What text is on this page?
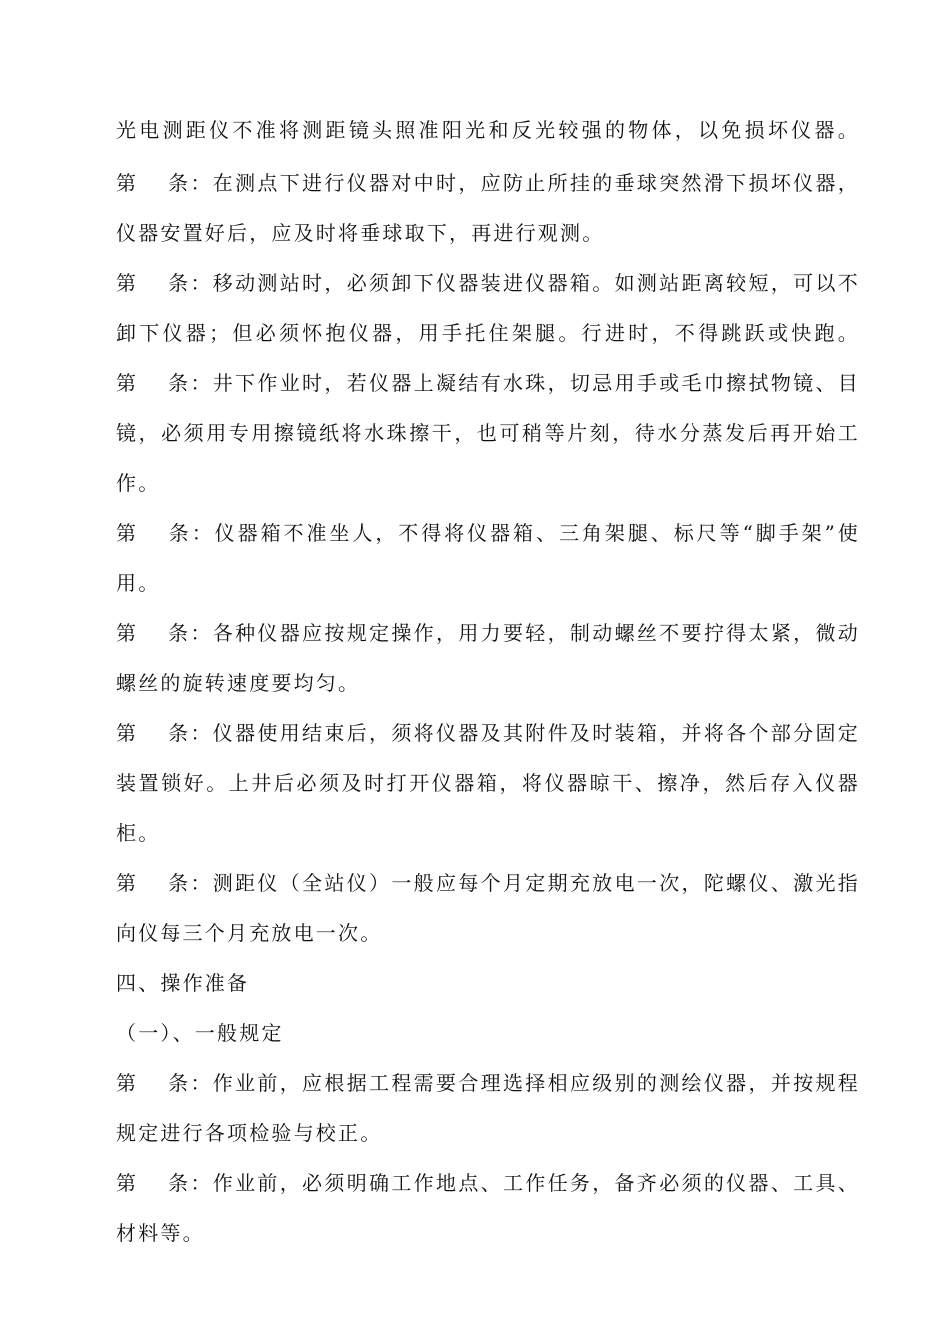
光电测距仪不准将测距镜头照准阳光和反光较强的物体，以免损坏仪器。
第 条：在测点下进行仪器对中时，应防止所挂的垂球突然滑下损坏仪器，
仪器安置好后，应及时将垂球取下，再进行观测。
第 条：移动测站时，必须卸下仪器装进仪器箱。如测站距离较短，可以不
卸下仪器；但必须怀抱仪器，用手托住架腿。行进时，不得跳跃或快跑。
第 条：井下作业时，若仪器上凝结有水珠，切忌用手或毛巾擦拭物镜、目
镜，必须用专用擦镜纸将水珠擦干，也可稍等片刻，待水分蒸发后再开始工
作。
第 条：仪器箱不准坐人，不得将仪器箱、三角架腿、标尺等“脚手架”使
用。
第 条：各种仪器应按规定操作，用力要轻，制动螺丝不要拧得太紧，微动
螺丝的旋转速度要均匀。
第 条：仪器使用结束后，须将仪器及其附件及时装箱，并将各个部分固定
装置锁好。上井后必须及时打开仪器箱，将仪器晾干、擦净，然后存入仪器
柜。
第 条：测距仪（全站仪）一般应每个月定期充放电一次，陀螺仪、激光指
向仪每三个月充放电一次。
四、操作准备
（一）、一般规定
第 条：作业前，应根据工程需要合理选择相应级别的测绘仪器，并按规程
规定进行各项检验与校正。
第 条：作业前，必须明确工作地点、工作任务，备齐必须的仪器、工具、
材料等。
